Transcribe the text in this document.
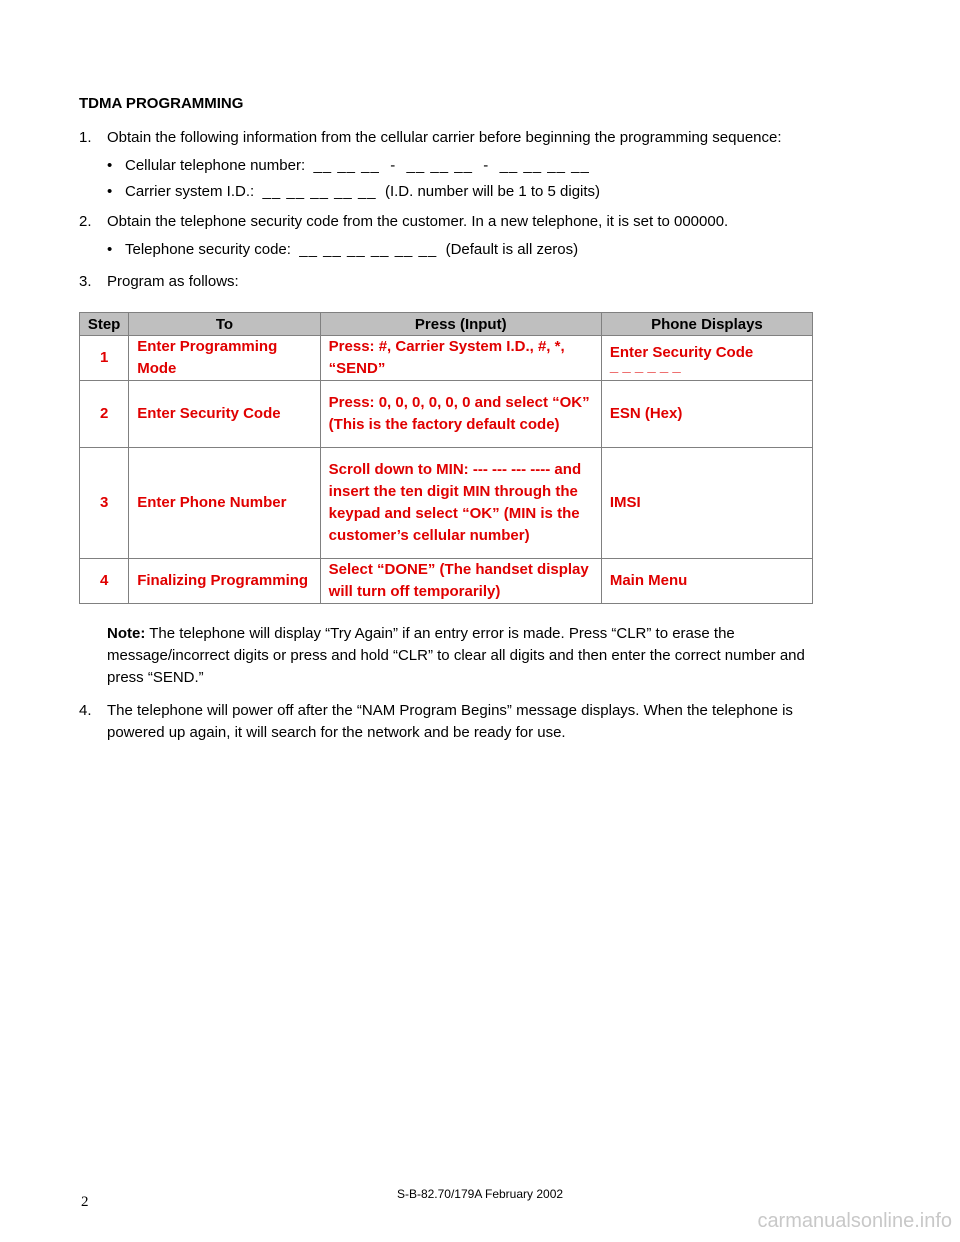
TDMA PROGRAMMING
1. Obtain the following information from the cellular carrier before beginning the programming sequence:
• Cellular telephone number: __ __ __  -  __ __ __  -  __ __ __ __
• Carrier system I.D.: __ __ __ __ __ (I.D. number will be 1 to 5 digits)
2. Obtain the telephone security code from the customer. In a new telephone, it is set to 000000.
• Telephone security code: __ __ __ __ __ __ (Default is all zeros)
3. Program as follows:
Step	To	Press (Input)	Phone Displays
1	Enter Programming Mode	Press: #, Carrier System I.D., #, *, “SEND”	Enter Security Code
_ _ _ _ _ _

2	Enter Security Code	Press: 0, 0, 0, 0, 0, 0 and select “OK” (This is the factory default code)	ESN (Hex)
3	Enter Phone Number	Scroll down to MIN: --- --- --- ---- and insert the ten digit MIN through the keypad and select “OK” (MIN is the customer’s cellular number)	IMSI
4	Finalizing Programming	Select “DONE” (The handset display will turn off temporarily)	Main Menu
Note: The telephone will display “Try Again” if an entry error is made. Press “CLR” to erase the message/incorrect digits or press and hold “CLR” to clear all digits and then enter the correct number and press “SEND.”
4.	The telephone will power off after the “NAM Program Begins” message displays. When the telephone is powered up again, it will search for the network and be ready for use.
2	S-B-82.70/179A February 2002
carmanualsonline.info
